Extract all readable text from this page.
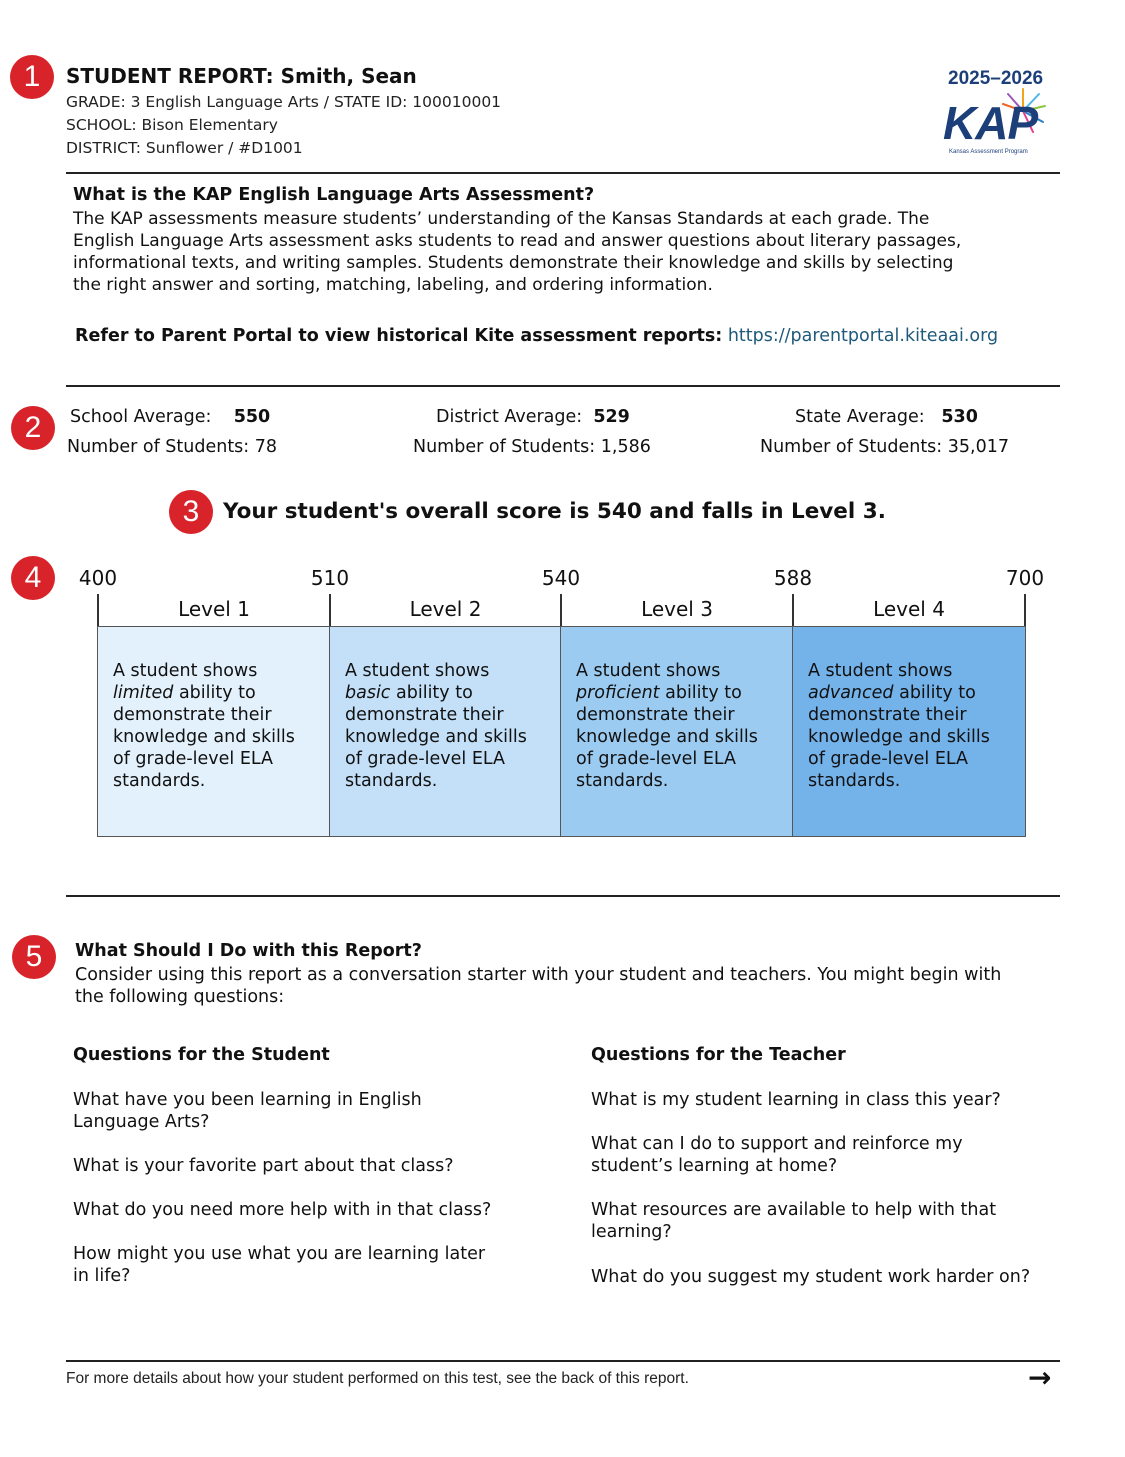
1	STUDENT REPORT: Smith, Sean
GRADE: 3 English Language Arts / STATE ID: 100010001
SCHOOL: Bison Elementary
DISTRICT: Sunflower / #D1001
2025–2026
KAP
Kansas Assessment Program
What is the KAP English Language Arts Assessment?
The KAP assessments measure students’ understanding of the Kansas Standards at each grade. The
English Language Arts assessment asks students to read and answer questions about literary passages,
informational texts, and writing samples. Students demonstrate their knowledge and skills by selecting
the right answer and sorting, matching, labeling, and ordering information.
Refer to Parent Portal to view historical Kite assessment reports: https://parentportal.kiteaai.org
2	School Average: 550
Number of Students: 78
District Average: 529
Number of Students: 1,586
State Average: 530
Number of Students: 35,017
3	Your student's overall score is 540 and falls in Level 3.
4	400	510	540	588	700
Level 1	Level 2	Level 3	Level 4
A student shows
limited ability to
demonstrate their
knowledge and skills
of grade-level ELA
standards.
A student shows
basic ability to
demonstrate their
knowledge and skills
of grade-level ELA
standards.
A student shows
proficient ability to
demonstrate their
knowledge and skills
of grade-level ELA
standards.
A student shows
advanced ability to
demonstrate their
knowledge and skills
of grade-level ELA
standards.
5	What Should I Do with this Report?
Consider using this report as a conversation starter with your student and teachers. You might begin with
the following questions:
Questions for the Student
What have you been learning in English
Language Arts?
What is your favorite part about that class?
What do you need more help with in that class?
How might you use what you are learning later
in life?
Questions for the Teacher
What is my student learning in class this year?
What can I do to support and reinforce my
student’s learning at home?
What resources are available to help with that
learning?
What do you suggest my student work harder on?
For more details about how your student performed on this test, see the back of this report.	→
